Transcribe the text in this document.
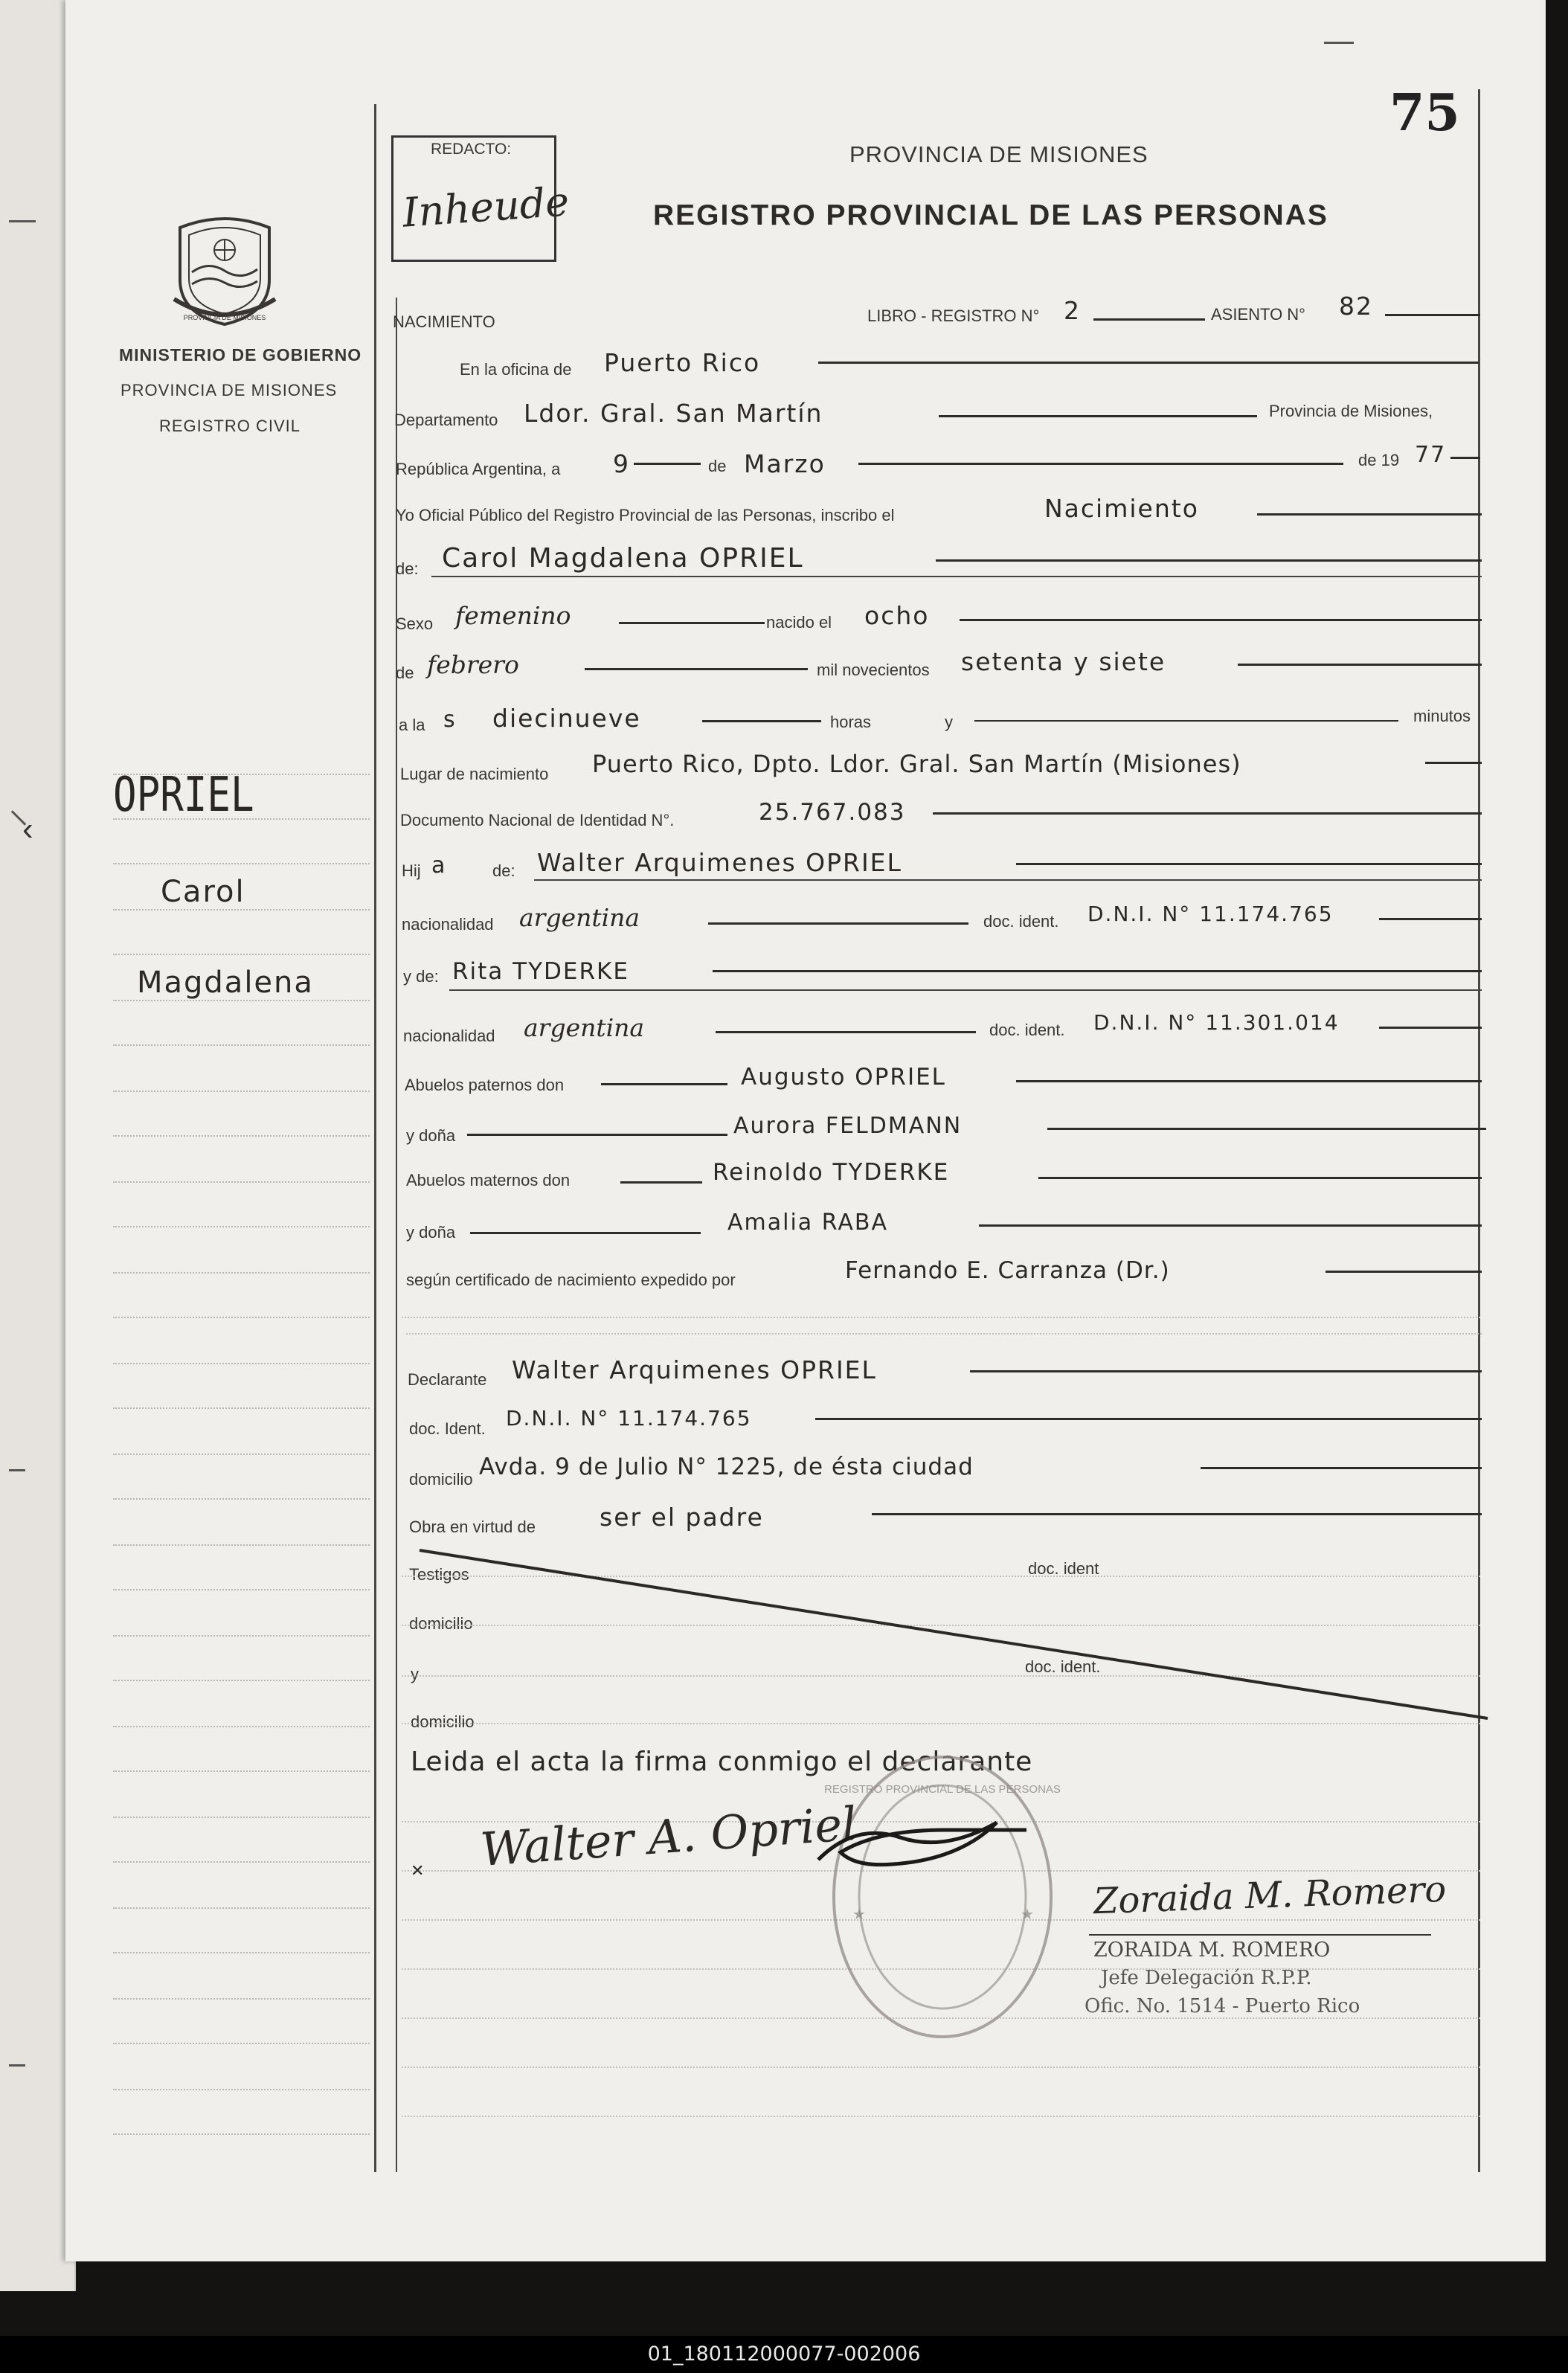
75
REDACTO:
Inheude
PROVINCIA DE MISIONES
REGISTRO PROVINCIAL DE LAS PERSONAS
PROVINCIA DE MISIONES
MINISTERIO DE GOBIERNO
PROVINCIA DE MISIONES
REGISTRO CIVIL
OPRIEL
Carol
Magdalena
NACIMIENTO	LIBRO - REGISTRO N° 2	ASIENTO N° 82
En la oficina de Puerto Rico
Departamento Ldor. Gral. San Martín	Provincia de Misiones,
República Argentina, a 9	de Marzo	de 19 77
Yo Oficial Público del Registro Provincial de las Personas, inscribo el	Nacimiento
de: Carol Magdalena OPRIEL
Sexo femenino	nacido el ocho
de febrero	mil novecientos setenta y siete
a la s diecinueve	horas	y	minutos
Lugar de nacimiento Puerto Rico, Dpto. Ldor. Gral. San Martín (Misiones)
Documento Nacional de Identidad N°.	25.767.083
Hij a	de: Walter Arquimenes OPRIEL
nacionalidad argentina	doc. ident. D.N.I. N° 11.174.765
y de: Rita TYDERKE
nacionalidad argentina	doc. ident. D.N.I. N° 11.301.014
Abuelos paternos don	Augusto OPRIEL
y doña	Aurora FELDMANN
Abuelos maternos don	Reinoldo TYDERKE
y doña	Amalia RABA
según certificado de nacimiento expedido por	Fernando E. Carranza (Dr.)
Declarante Walter Arquimenes OPRIEL
doc. Ident. D.N.I. N° 11.174.765
domicilio Avda. 9 de Julio N° 1225, de ésta ciudad
Obra en virtud de	ser el padre
Testigos	doc. ident
domicilio
y	doc. ident.
domicilio
Leida el acta la firma conmigo el declarante
REGISTRO PROVINCIAL DE LAS PERSONAS
★	★
✕ Walter A. Opriel
Zoraida M. Romero
ZORAIDA M. ROMERO
Jefe Delegación R.P.P.
Ofic. No. 1514 - Puerto Rico
‹
01_180112000077-002006
